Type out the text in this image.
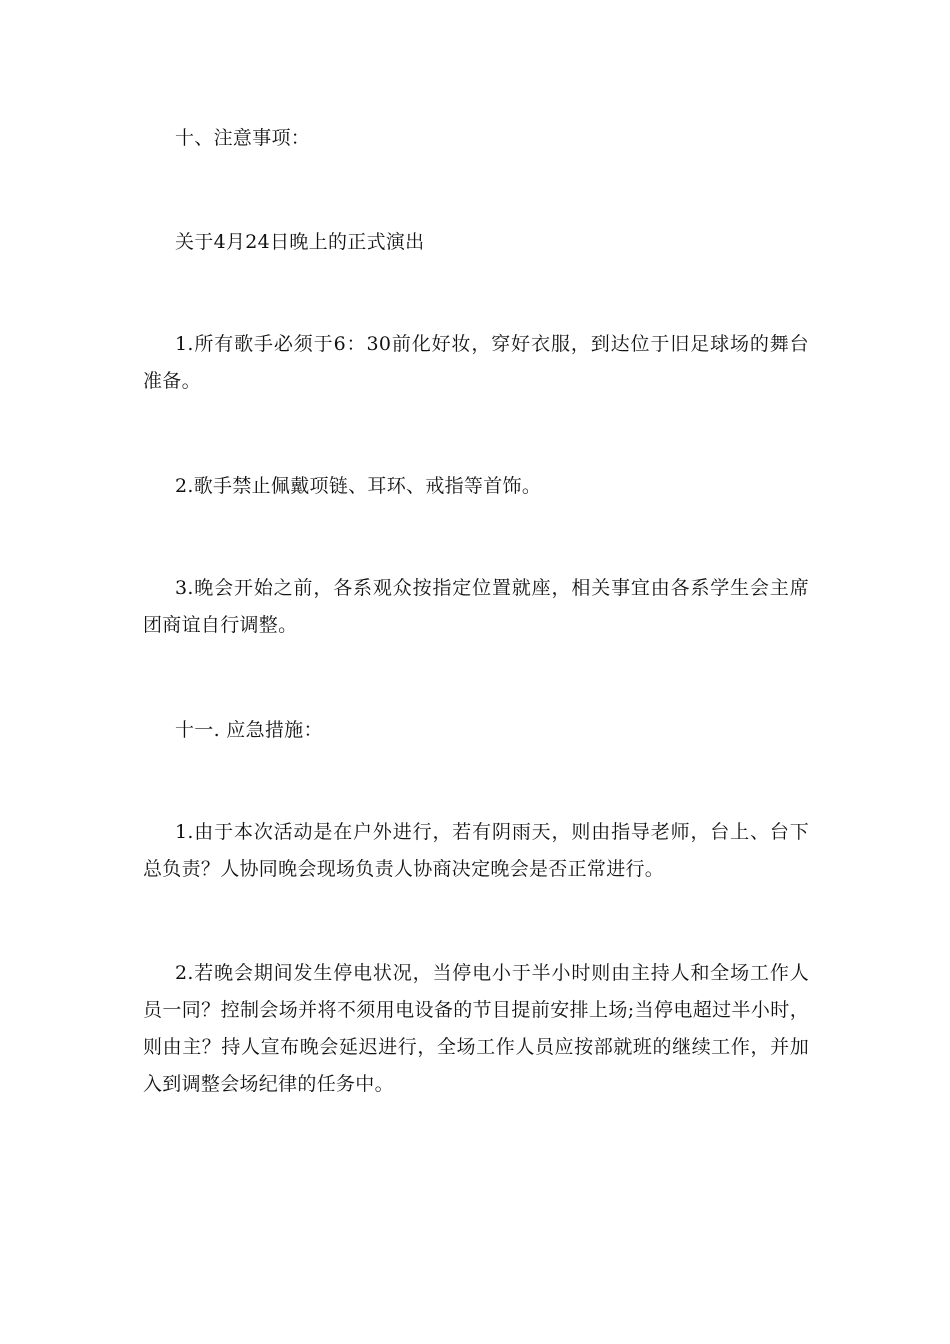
十、注意事项：

关于4月24日晚上的正式演出

1.所有歌手必须于6：30前化好妆，穿好衣服，到达位于旧足球场的舞台准备。

2.歌手禁止佩戴项链、耳环、戒指等首饰。

3.晚会开始之前，各系观众按指定位置就座，相关事宜由各系学生会主席团商谊自行调整。

十一. 应急措施：

1.由于本次活动是在户外进行，若有阴雨天，则由指导老师，台上、台下总负责？人协同晚会现场负责人协商决定晚会是否正常进行。

2.若晚会期间发生停电状况，当停电小于半小时则由主持人和全场工作人员一同？控制会场并将不须用电设备的节目提前安排上场;当停电超过半小时，则由主？持人宣布晚会延迟进行，全场工作人员应按部就班的继续工作，并加入到调整会场纪律的任务中。
